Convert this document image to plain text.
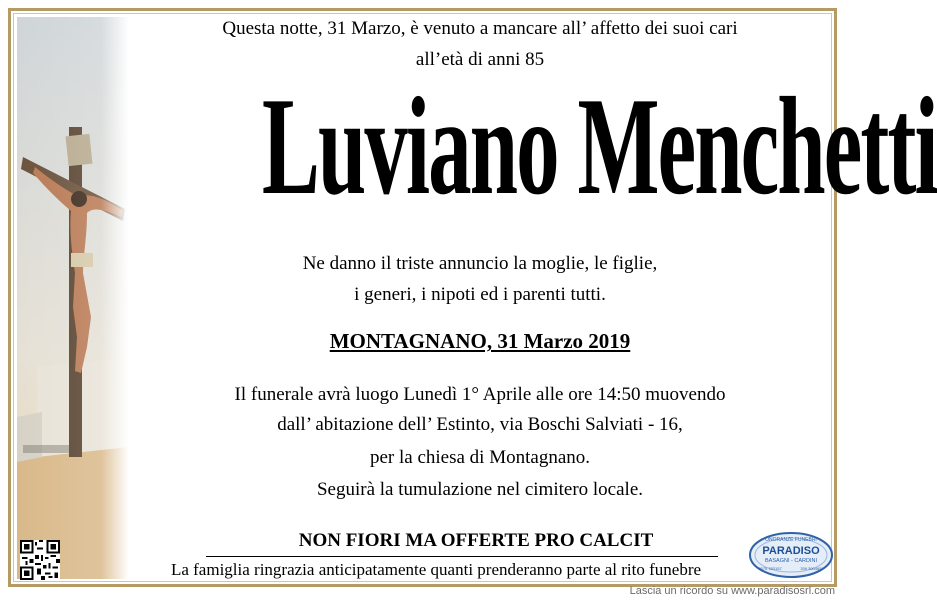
Questa notte, 31 Marzo, è venuto a mancare all’ affetto dei suoi cari
all’età di anni 85
Luviano Menchetti
Ne danno il triste annuncio la moglie, le figlie,
i generi, i nipoti ed i parenti tutti.
MONTAGNANO, 31 Marzo 2019
Il funerale avrà luogo Lunedì 1° Aprile alle ore 14:50 muovendo
dall’ abitazione dell’ Estinto, via Boschi Salviati - 16,
per la chiesa di Montagnano.
Seguirà la tumulazione nel cimitero locale.
NON FIORI MA OFFERTE PRO CALCIT
La famiglia ringrazia anticipatamente quanti prenderanno parte al rito funebre
ONORANZE FUNEBRI
PARADISO
BASAGNI - CARDINI
0575 783157	339 3004657
Lascia un ricordo su www.paradisosrl.com
